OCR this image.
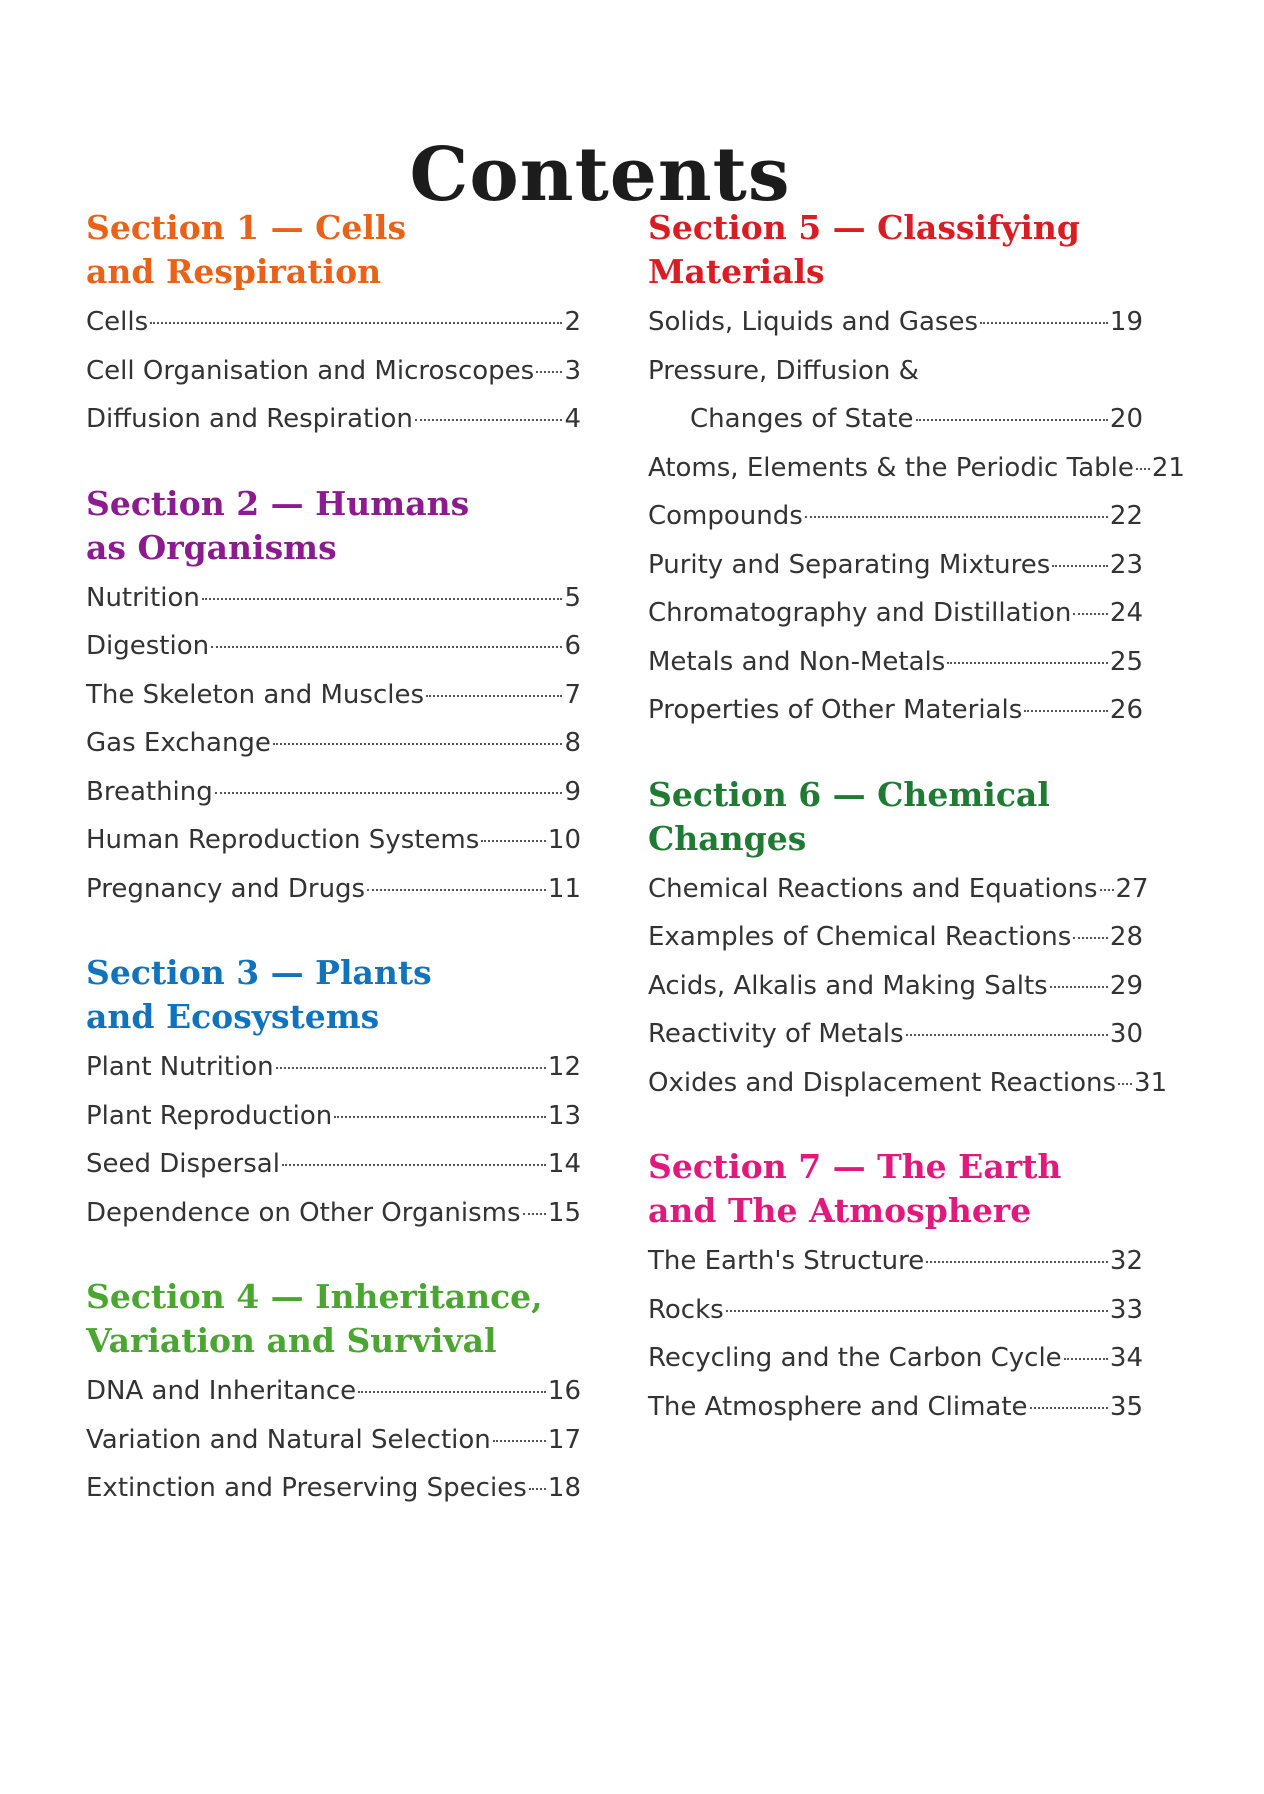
Contents
Section 1 — Cells
and Respiration
Cells	2
Cell Organisation and Microscopes 3
Diffusion and Respiration	4
Section 2 — Humans
as Organisms
Nutrition	5
Digestion	6
The Skeleton and Muscles	7
Gas Exchange	8
Breathing	9
Human Reproduction Systems	10
Pregnancy and Drugs	11
Section 3 — Plants
and Ecosystems
Plant Nutrition	12
Plant Reproduction	13
Seed Dispersal	14
Dependence on Other Organisms 15
Section 4 — Inheritance,
Variation and Survival
DNA and Inheritance	16
Variation and Natural Selection 17
Extinction and Preserving Species 18
Section 5 — Classifying
Materials
Solids, Liquids and Gases	19
Pressure, Diffusion &
Changes of State	20
Atoms, Elements & the Periodic Table 21
Compounds	22
Purity and Separating Mixtures 23
Chromatography and Distillation 24
Metals and Non-Metals	25
Properties of Other Materials	26
Section 6 — Chemical
Changes
Chemical Reactions and Equations 27
Examples of Chemical Reactions 28
Acids, Alkalis and Making Salts 29
Reactivity of Metals	30
Oxides and Displacement Reactions 31
Section 7 — The Earth
and The Atmosphere
The Earth's Structure	32
Rocks	33
Recycling and the Carbon Cycle 34
The Atmosphere and Climate	35
